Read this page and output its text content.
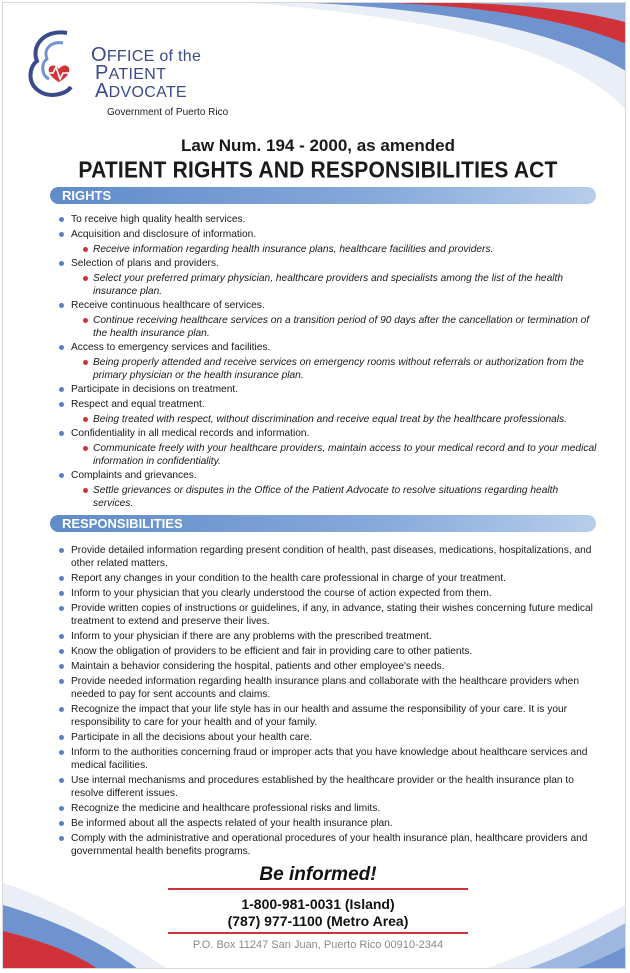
OFFICE of the
PATIENT
ADVOCATE
Government of Puerto Rico
Law Num. 194 - 2000, as amended
PATIENT RIGHTS AND RESPONSIBILITIES ACT
RIGHTS
To receive high quality health services.
Acquisition and disclosure of information.
Receive information regarding health insurance plans, healthcare facilities and providers.
Selection of plans and providers.
Select your preferred primary physician, healthcare providers and specialists among the list of the health insurance plan.
Receive continuous healthcare of services.
Continue receiving healthcare services on a transition period of 90 days after the cancellation or termination of the health insurance plan.
Access to emergency services and facilities.
Being properly attended and receive services on emergency rooms without referrals or authorization from the primary physician or the health insurance plan.
Participate in decisions on treatment.
Respect and equal treatment.
Being treated with respect, without discrimination and receive equal treat by the healthcare professionals.
Confidentiality in all medical records and information.
Communicate freely with your healthcare providers, maintain access to your medical record and to your medical information in confidentiality.
Complaints and grievances.
Settle grievances or disputes in the Office of the Patient Advocate to resolve situations regarding health services.
RESPONSIBILITIES
Provide detailed information regarding present condition of health, past diseases, medications, hospitalizations, and other related matters.
Report any changes in your condition to the health care professional in charge of your treatment.
Inform to your physician that you clearly understood the course of action expected from them.
Provide written copies of instructions or guidelines, if any, in advance, stating their wishes concerning future medical treatment to extend and preserve their lives.
Inform to your physician if there are any problems with the prescribed treatment.
Know the obligation of providers to be efficient and fair in providing care to other patients.
Maintain a behavior considering the hospital, patients and other employee's needs.
Provide needed information regarding health insurance plans and collaborate with the healthcare providers when needed to pay for sent accounts and claims.
Recognize the impact that your life style has in our health and assume the responsibility of your care. It is your responsibility to care for your health and of your family.
Participate in all the decisions about your health care.
Inform to the authorities concerning fraud or improper acts that you have knowledge about healthcare services and medical facilities.
Use internal mechanisms and procedures established by the healthcare provider or the health insurance plan to resolve different issues.
Recognize the medicine and healthcare professional risks and limits.
Be informed about all the aspects related of your health insurance plan.
Comply with the administrative and operational procedures of your health insurance plan, healthcare providers and governmental health benefits programs.
Be informed!
1-800-981-0031 (Island)
(787) 977-1100 (Metro Area)
P.O. Box 11247 San Juan, Puerto Rico 00910-2344
